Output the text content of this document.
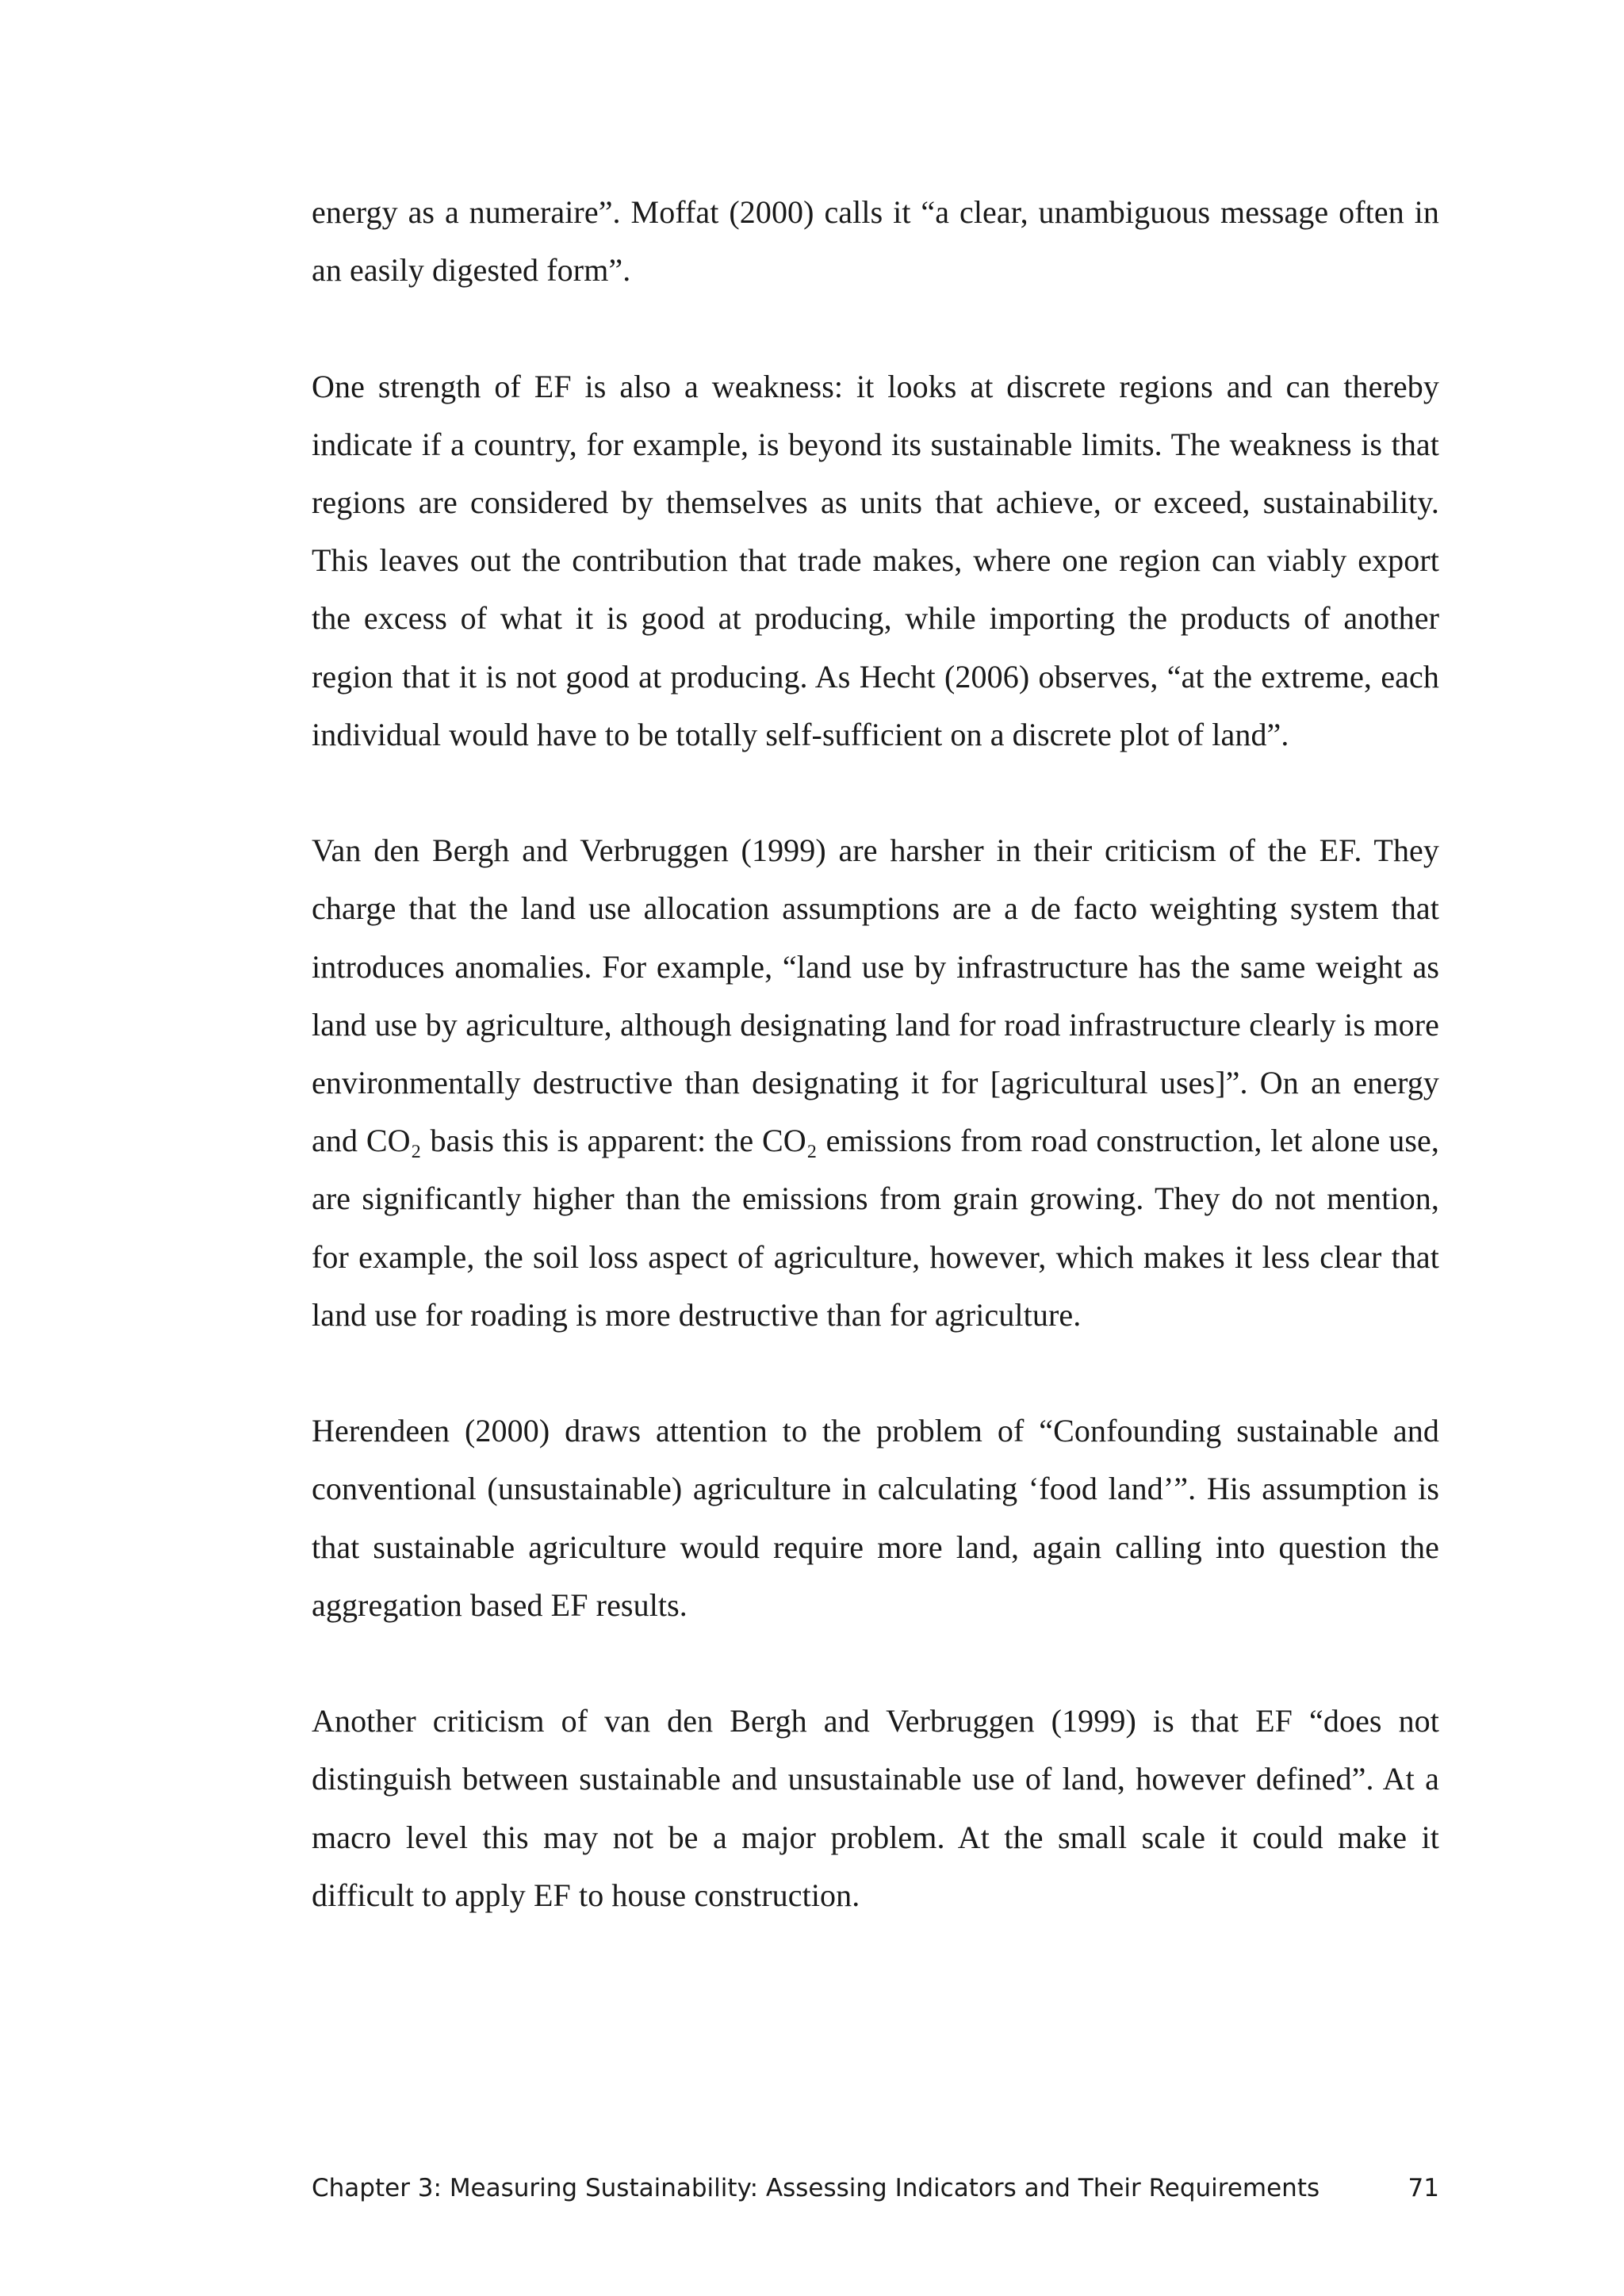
energy as a numeraire”. Moffat (2000) calls it “a clear, unambiguous message often in an easily digested form”.

One strength of EF is also a weakness: it looks at discrete regions and can thereby indicate if a country, for example, is beyond its sustainable limits. The weakness is that regions are considered by themselves as units that achieve, or exceed, sustainability. This leaves out the contribution that trade makes, where one region can viably export the excess of what it is good at producing, while importing the products of another region that it is not good at producing. As Hecht (2006) observes, “at the extreme, each individual would have to be totally self-sufficient on a discrete plot of land”.

Van den Bergh and Verbruggen (1999) are harsher in their criticism of the EF. They charge that the land use allocation assumptions are a de facto weighting system that introduces anomalies. For example, “land use by infrastructure has the same weight as land use by agriculture, although designating land for road infrastructure clearly is more environmentally destructive than designating it for [agricultural uses]”. On an energy and CO₂ basis this is apparent: the CO₂ emissions from road construction, let alone use, are significantly higher than the emissions from grain growing. They do not mention, for example, the soil loss aspect of agriculture, however, which makes it less clear that land use for roading is more destructive than for agriculture.

Herendeen (2000) draws attention to the problem of “Confounding sustainable and conventional (unsustainable) agriculture in calculating ‘food land’”. His assumption is that sustainable agriculture would require more land, again calling into question the aggregation based EF results.

Another criticism of van den Bergh and Verbruggen (1999) is that EF “does not distinguish between sustainable and unsustainable use of land, however defined”. At a macro level this may not be a major problem. At the small scale it could make it difficult to apply EF to house construction.

Chapter 3: Measuring Sustainability: Assessing Indicators and Their Requirements	71
